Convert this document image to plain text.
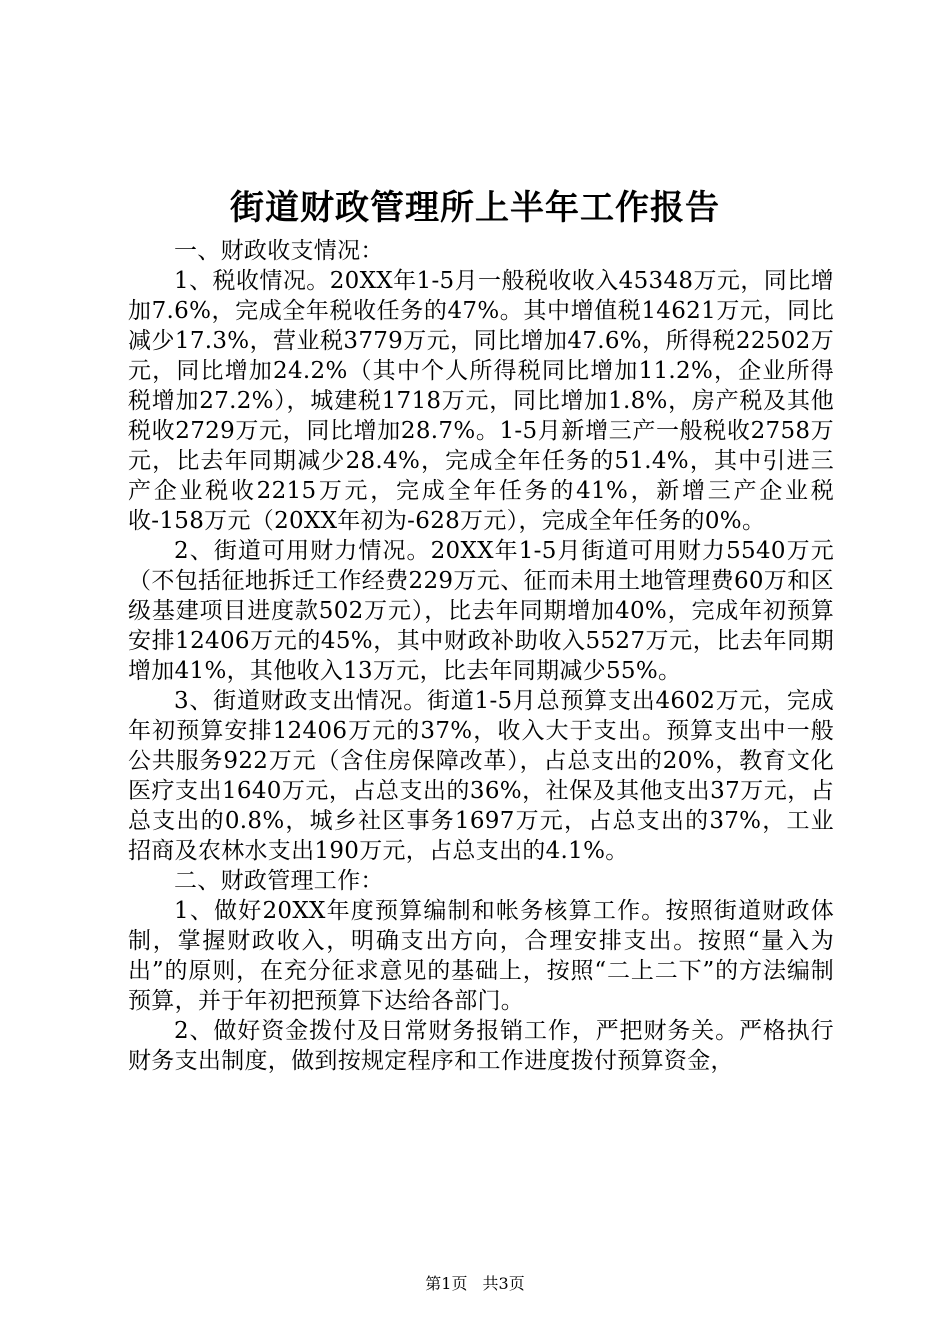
街道财政管理所上半年工作报告

一、财政收支情况：

1、税收情况。20XX年1-5月一般税收收入45348万元，同比增加7.6%，完成全年税收任务的47%。其中增值税14621万元，同比减少17.3%，营业税3779万元，同比增加47.6%，所得税22502万元，同比增加24.2%（其中个人所得税同比增加11.2%，企业所得税增加27.2%），城建税1718万元，同比增加1.8%，房产税及其他税收2729万元，同比增加28.7%。1-5月新增三产一般税收2758万元，比去年同期减少28.4%，完成全年任务的51.4%，其中引进三产企业税收2215万元，完成全年任务的41%，新增三产企业税收-158万元（20XX年初为-628万元），完成全年任务的0%。

2、街道可用财力情况。20XX年1-5月街道可用财力5540万元（不包括征地拆迁工作经费229万元、征而未用土地管理费60万和区级基建项目进度款502万元），比去年同期增加40%，完成年初预算安排12406万元的45%，其中财政补助收入5527万元，比去年同期增加41%，其他收入13万元，比去年同期减少55%。

3、街道财政支出情况。街道1-5月总预算支出4602万元，完成年初预算安排12406万元的37%，收入大于支出。预算支出中一般公共服务922万元（含住房保障改革），占总支出的20%，教育文化医疗支出1640万元，占总支出的36%，社保及其他支出37万元，占总支出的0.8%，城乡社区事务1697万元，占总支出的37%，工业招商及农林水支出190万元，占总支出的4.1%。

二、财政管理工作：

1、做好20XX年度预算编制和帐务核算工作。按照街道财政体制，掌握财政收入，明确支出方向，合理安排支出。按照“量入为出”的原则，在充分征求意见的基础上，按照“二上二下”的方法编制预算，并于年初把预算下达给各部门。

2、做好资金拨付及日常财务报销工作，严把财务关。严格执行财务支出制度，做到按规定程序和工作进度拨付预算资金，

第1页 共3页
